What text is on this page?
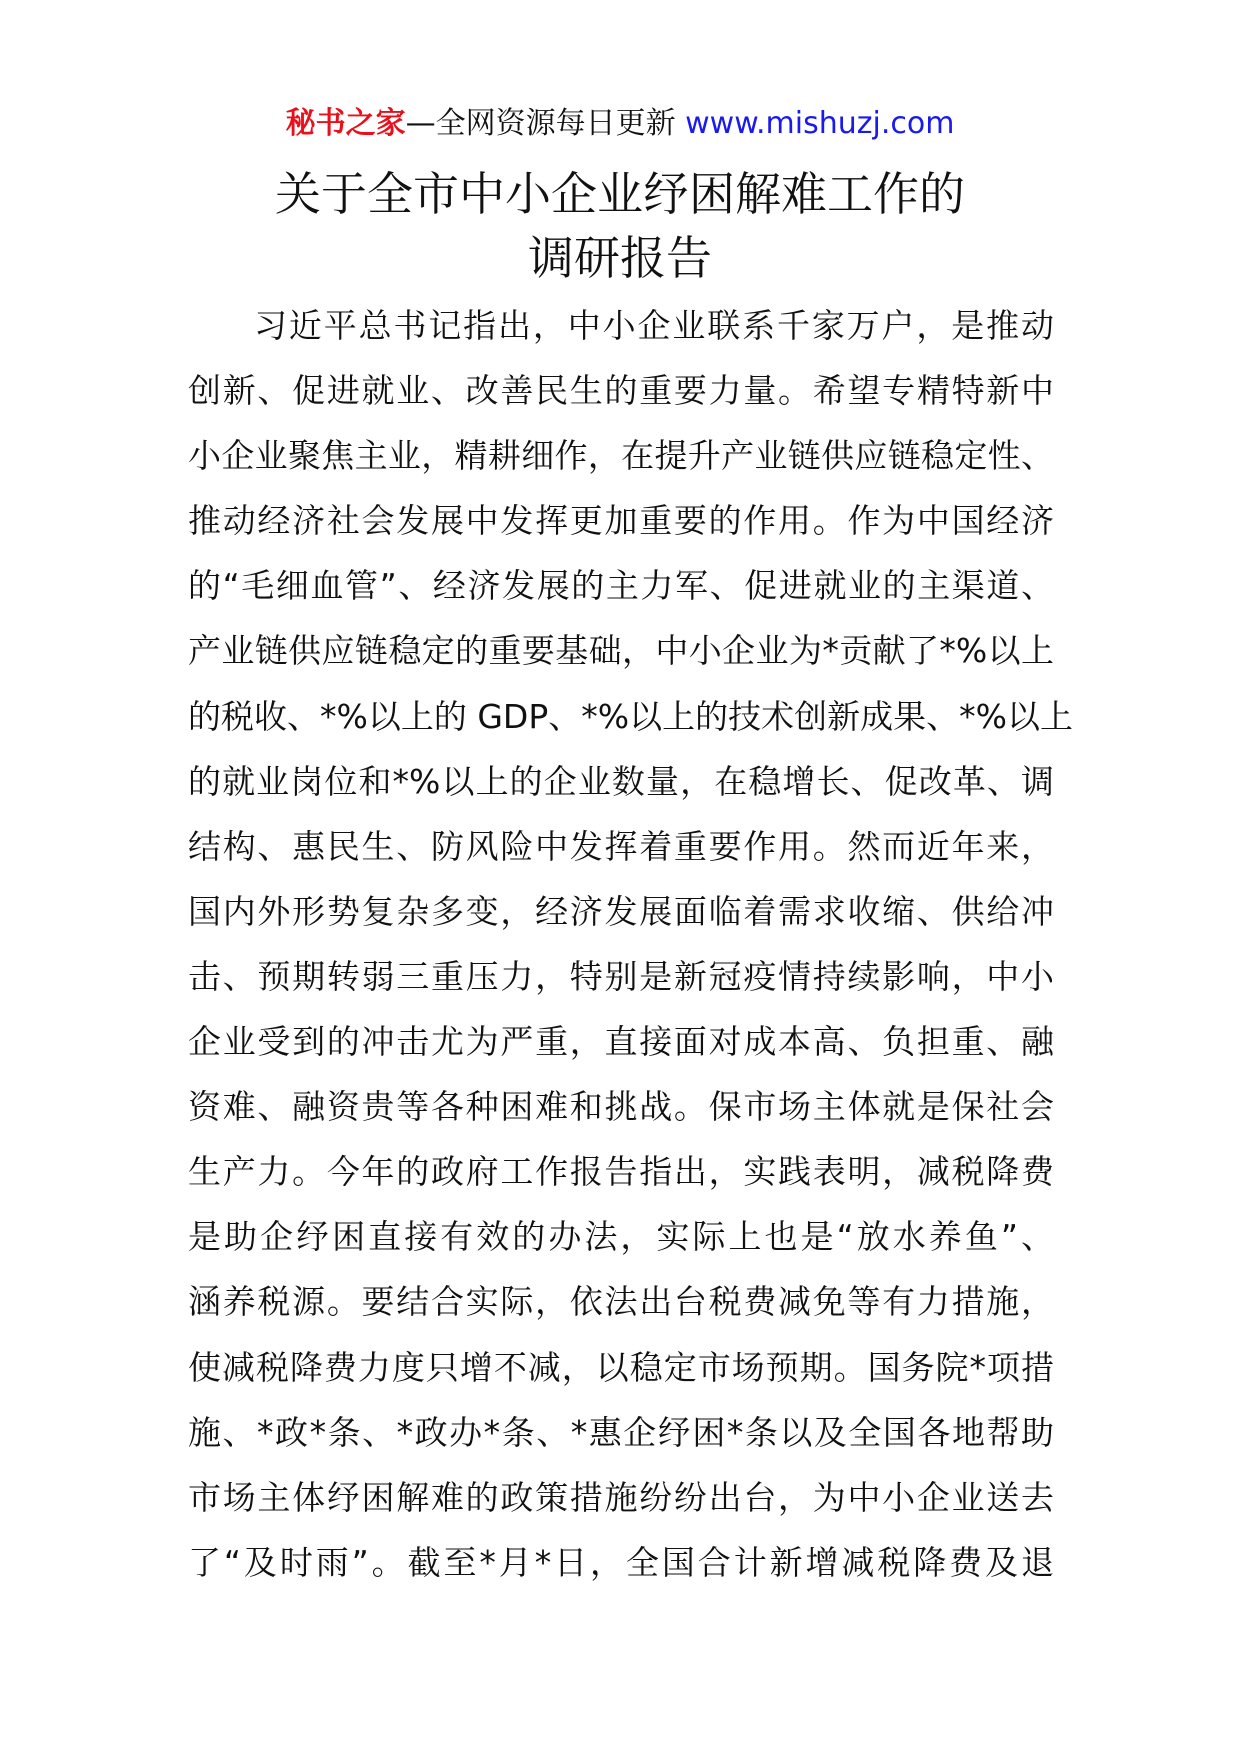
秘书之家—全网资源每日更新 www.mishuzj.com
关于全市中小企业纾困解难工作的
调研报告
习近平总书记指出，中小企业联系千家万户，是推动
创新、促进就业、改善民生的重要力量。希望专精特新中
小企业聚焦主业，精耕细作，在提升产业链供应链稳定性、
推动经济社会发展中发挥更加重要的作用。作为中国经济
的“毛细血管”、经济发展的主力军、促进就业的主渠道、
产业链供应链稳定的重要基础，中小企业为*贡献了*%以上
的税收、*%以上的 GDP、*%以上的技术创新成果、*%以上
的就业岗位和*%以上的企业数量，在稳增长、促改革、调
结构、惠民生、防风险中发挥着重要作用。然而近年来，
国内外形势复杂多变，经济发展面临着需求收缩、供给冲
击、预期转弱三重压力，特别是新冠疫情持续影响，中小
企业受到的冲击尤为严重，直接面对成本高、负担重、融
资难、融资贵等各种困难和挑战。保市场主体就是保社会
生产力。今年的政府工作报告指出，实践表明，减税降费
是助企纾困直接有效的办法，实际上也是“放水养鱼”、
涵养税源。要结合实际，依法出台税费减免等有力措施，
使减税降费力度只增不减，以稳定市场预期。国务院*项措
施、*政*条、*政办*条、*惠企纾困*条以及全国各地帮助
市场主体纾困解难的政策措施纷纷出台，为中小企业送去
了“及时雨”。截至*月*日，全国合计新增减税降费及退
